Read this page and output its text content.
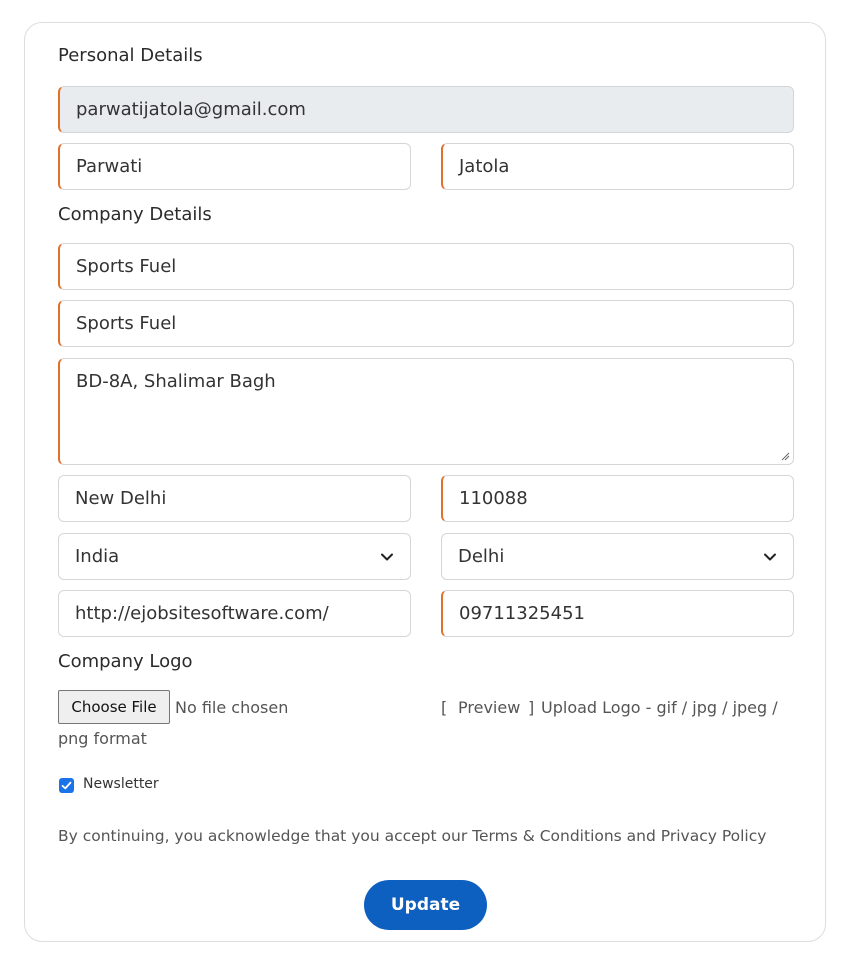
Personal Details
parwatijatola@gmail.com
Parwati	Jatola
Company Details
Sports Fuel
Sports Fuel
BD-8A, Shalimar Bagh
New Delhi	110088
India	Delhi
http://ejobsitesoftware.com/	09711325451
Company Logo
Choose File	No file chosen	[ Preview ] Upload Logo - gif / jpg / jpeg /
png format
Newsletter
By continuing, you acknowledge that you accept our Terms & Conditions and Privacy Policy
Update
